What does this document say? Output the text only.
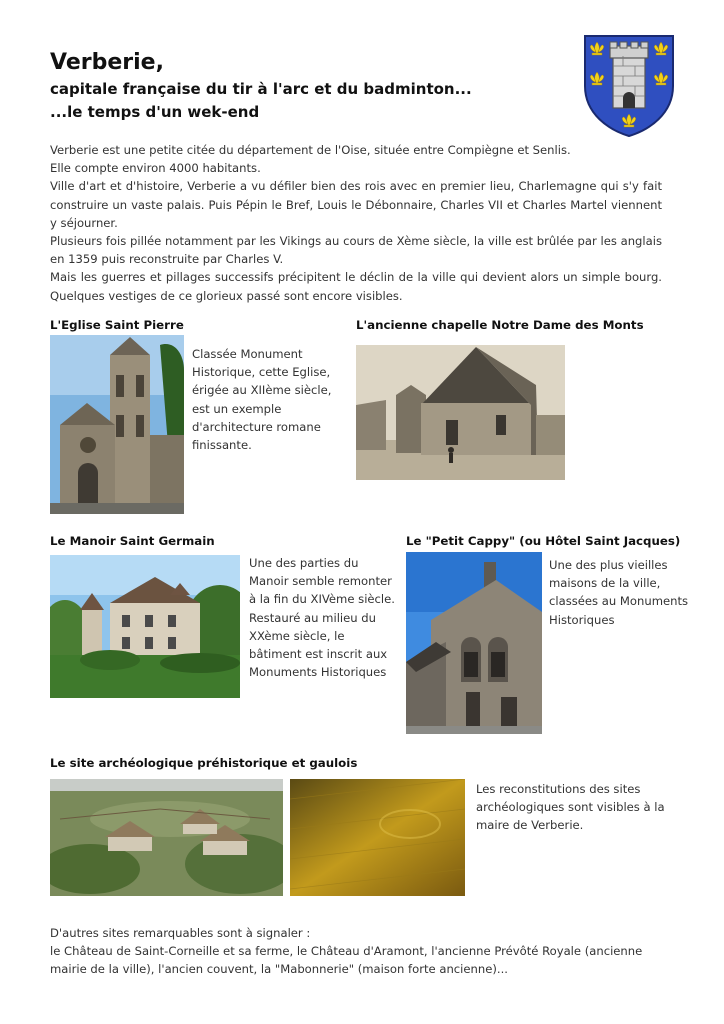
Verberie,
capitale française du tir à l'arc et du badminton...
...le temps d'un wek-end

Verberie est une petite citée du département de l'Oise, située entre Compiègne et Senlis.

Elle compte environ 4000 habitants.

Ville d'art et d'histoire, Verberie a vu défiler bien des rois avec en premier lieu, Charlemagne qui s'y fait construire un vaste palais. Puis Pépin le Bref, Louis le Débonnaire, Charles VII et Charles Martel viennent y séjourner.

Plusieurs fois pillée notamment par les Vikings au cours de Xème siècle, la ville est brûlée par les anglais en 1359 puis reconstruite par Charles V.

Mais les guerres et pillages successifs précipitent le déclin de la ville qui devient alors un simple bourg. Quelques vestiges de ce glorieux passé sont encore visibles.

L'Eglise Saint Pierre
Classée Monument Historique, cette Eglise, érigée au XIIème siècle, est un exemple d'architecture romane finissante.
L'ancienne chapelle Notre Dame des Monts
Le Manoir Saint Germain
Une des parties du Manoir semble remonter à la fin du XIVème siècle. Restauré au milieu du XXème siècle, le bâtiment est inscrit aux Monuments Historiques
Le "Petit Cappy" (ou Hôtel Saint Jacques)
Une des plus vieilles maisons de la ville, classées au Monuments Historiques
Le site archéologique préhistorique et gaulois
Les reconstitutions des sites archéologiques sont visibles à la maire de Verberie.
D'autres sites remarquables sont à signaler :
le Château de Saint-Corneille et sa ferme, le Château d'Aramont, l'ancienne Prévôté Royale (ancienne mairie de la ville), l'ancien couvent, la "Mabonnerie" (maison forte ancienne)...
